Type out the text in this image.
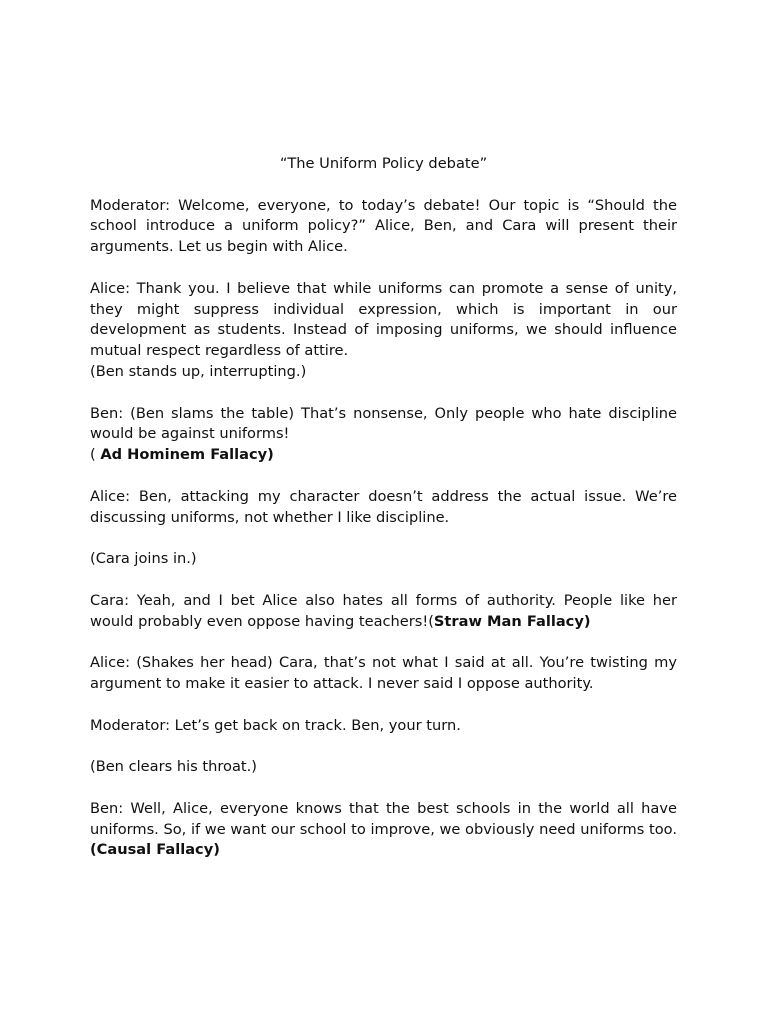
“The Uniform Policy debate”
Moderator: Welcome, everyone, to today’s debate! Our topic is “Should the school introduce a uniform policy?” Alice, Ben, and Cara will present their arguments. Let us begin with Alice.
Alice: Thank you. I believe that while uniforms can promote a sense of unity, they might suppress individual expression, which is important in our development as students. Instead of imposing uniforms, we should influence mutual respect regardless of attire.
(Ben stands up, interrupting.)
Ben: (Ben slams the table) That’s nonsense, Only people who hate discipline would be against uniforms!
( Ad Hominem Fallacy)
Alice: Ben, attacking my character doesn’t address the actual issue. We’re discussing uniforms, not whether I like discipline.
(Cara joins in.)
Cara: Yeah, and I bet Alice also hates all forms of authority. People like her would probably even oppose having teachers!(Straw Man Fallacy)
Alice: (Shakes her head) Cara, that’s not what I said at all. You’re twisting my argument to make it easier to attack. I never said I oppose authority.
Moderator: Let’s get back on track. Ben, your turn.
(Ben clears his throat.)
Ben: Well, Alice, everyone knows that the best schools in the world all have uniforms. So, if we want our school to improve, we obviously need uniforms too.(Causal Fallacy)
